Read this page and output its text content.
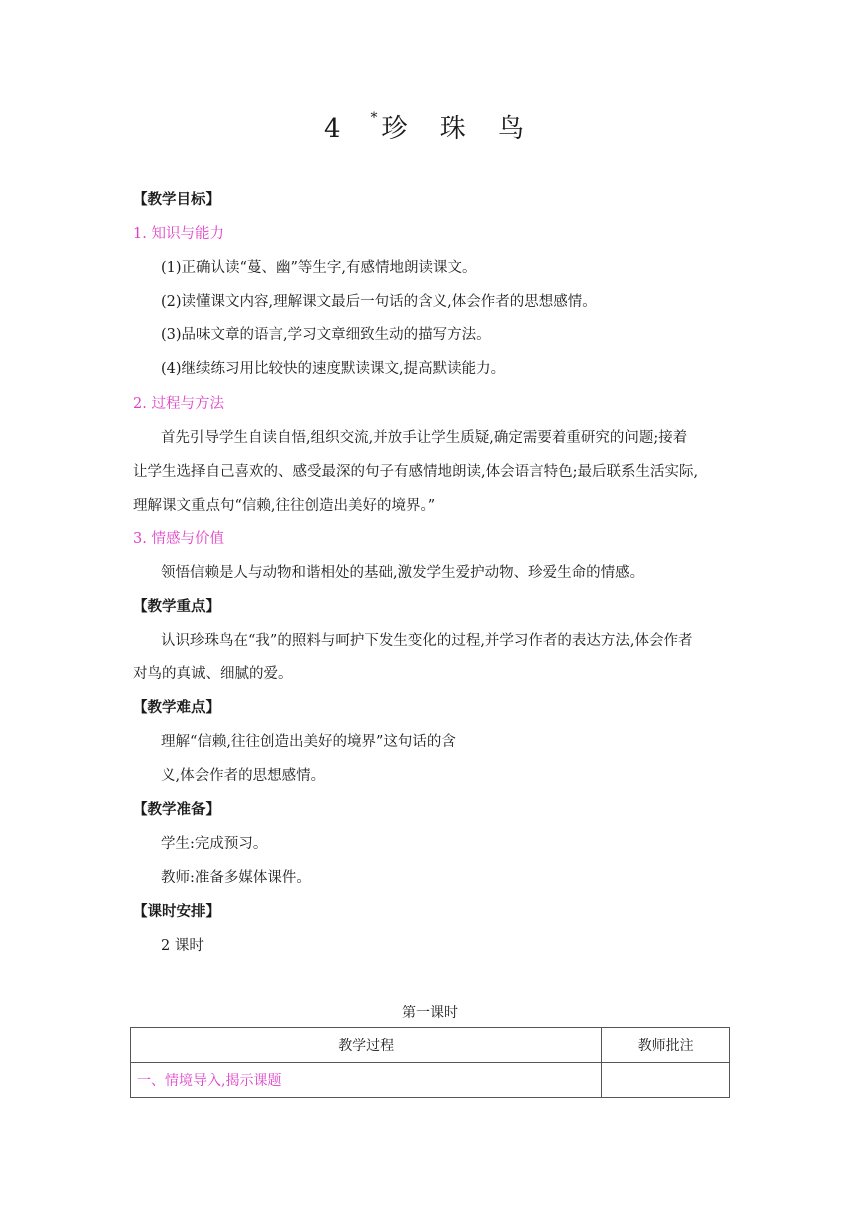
4 *珍 珠 鸟
【教学目标】
1. 知识与能力
(1)正确认读“蔓、幽”等生字,有感情地朗读课文。
(2)读懂课文内容,理解课文最后一句话的含义,体会作者的思想感情。
(3)品味文章的语言,学习文章细致生动的描写方法。
(4)继续练习用比较快的速度默读课文,提高默读能力。
2. 过程与方法
首先引导学生自读自悟,组织交流,并放手让学生质疑,确定需要着重研究的问题;接着
让学生选择自己喜欢的、感受最深的句子有感情地朗读,体会语言特色;最后联系生活实际,
理解课文重点句“信赖,往往创造出美好的境界。”
3. 情感与价值
领悟信赖是人与动物和谐相处的基础,激发学生爱护动物、珍爱生命的情感。
【教学重点】
认识珍珠鸟在“我”的照料与呵护下发生变化的过程,并学习作者的表达方法,体会作者
对鸟的真诚、细腻的爱。
【教学难点】
理解“信赖,往往创造出美好的境界”这句话的含
义,体会作者的思想感情。
【教学准备】
学生:完成预习。
教师:准备多媒体课件。
【课时安排】
2 课时
第一课时
教学过程	教师批注
一、情境导入,揭示课题	
